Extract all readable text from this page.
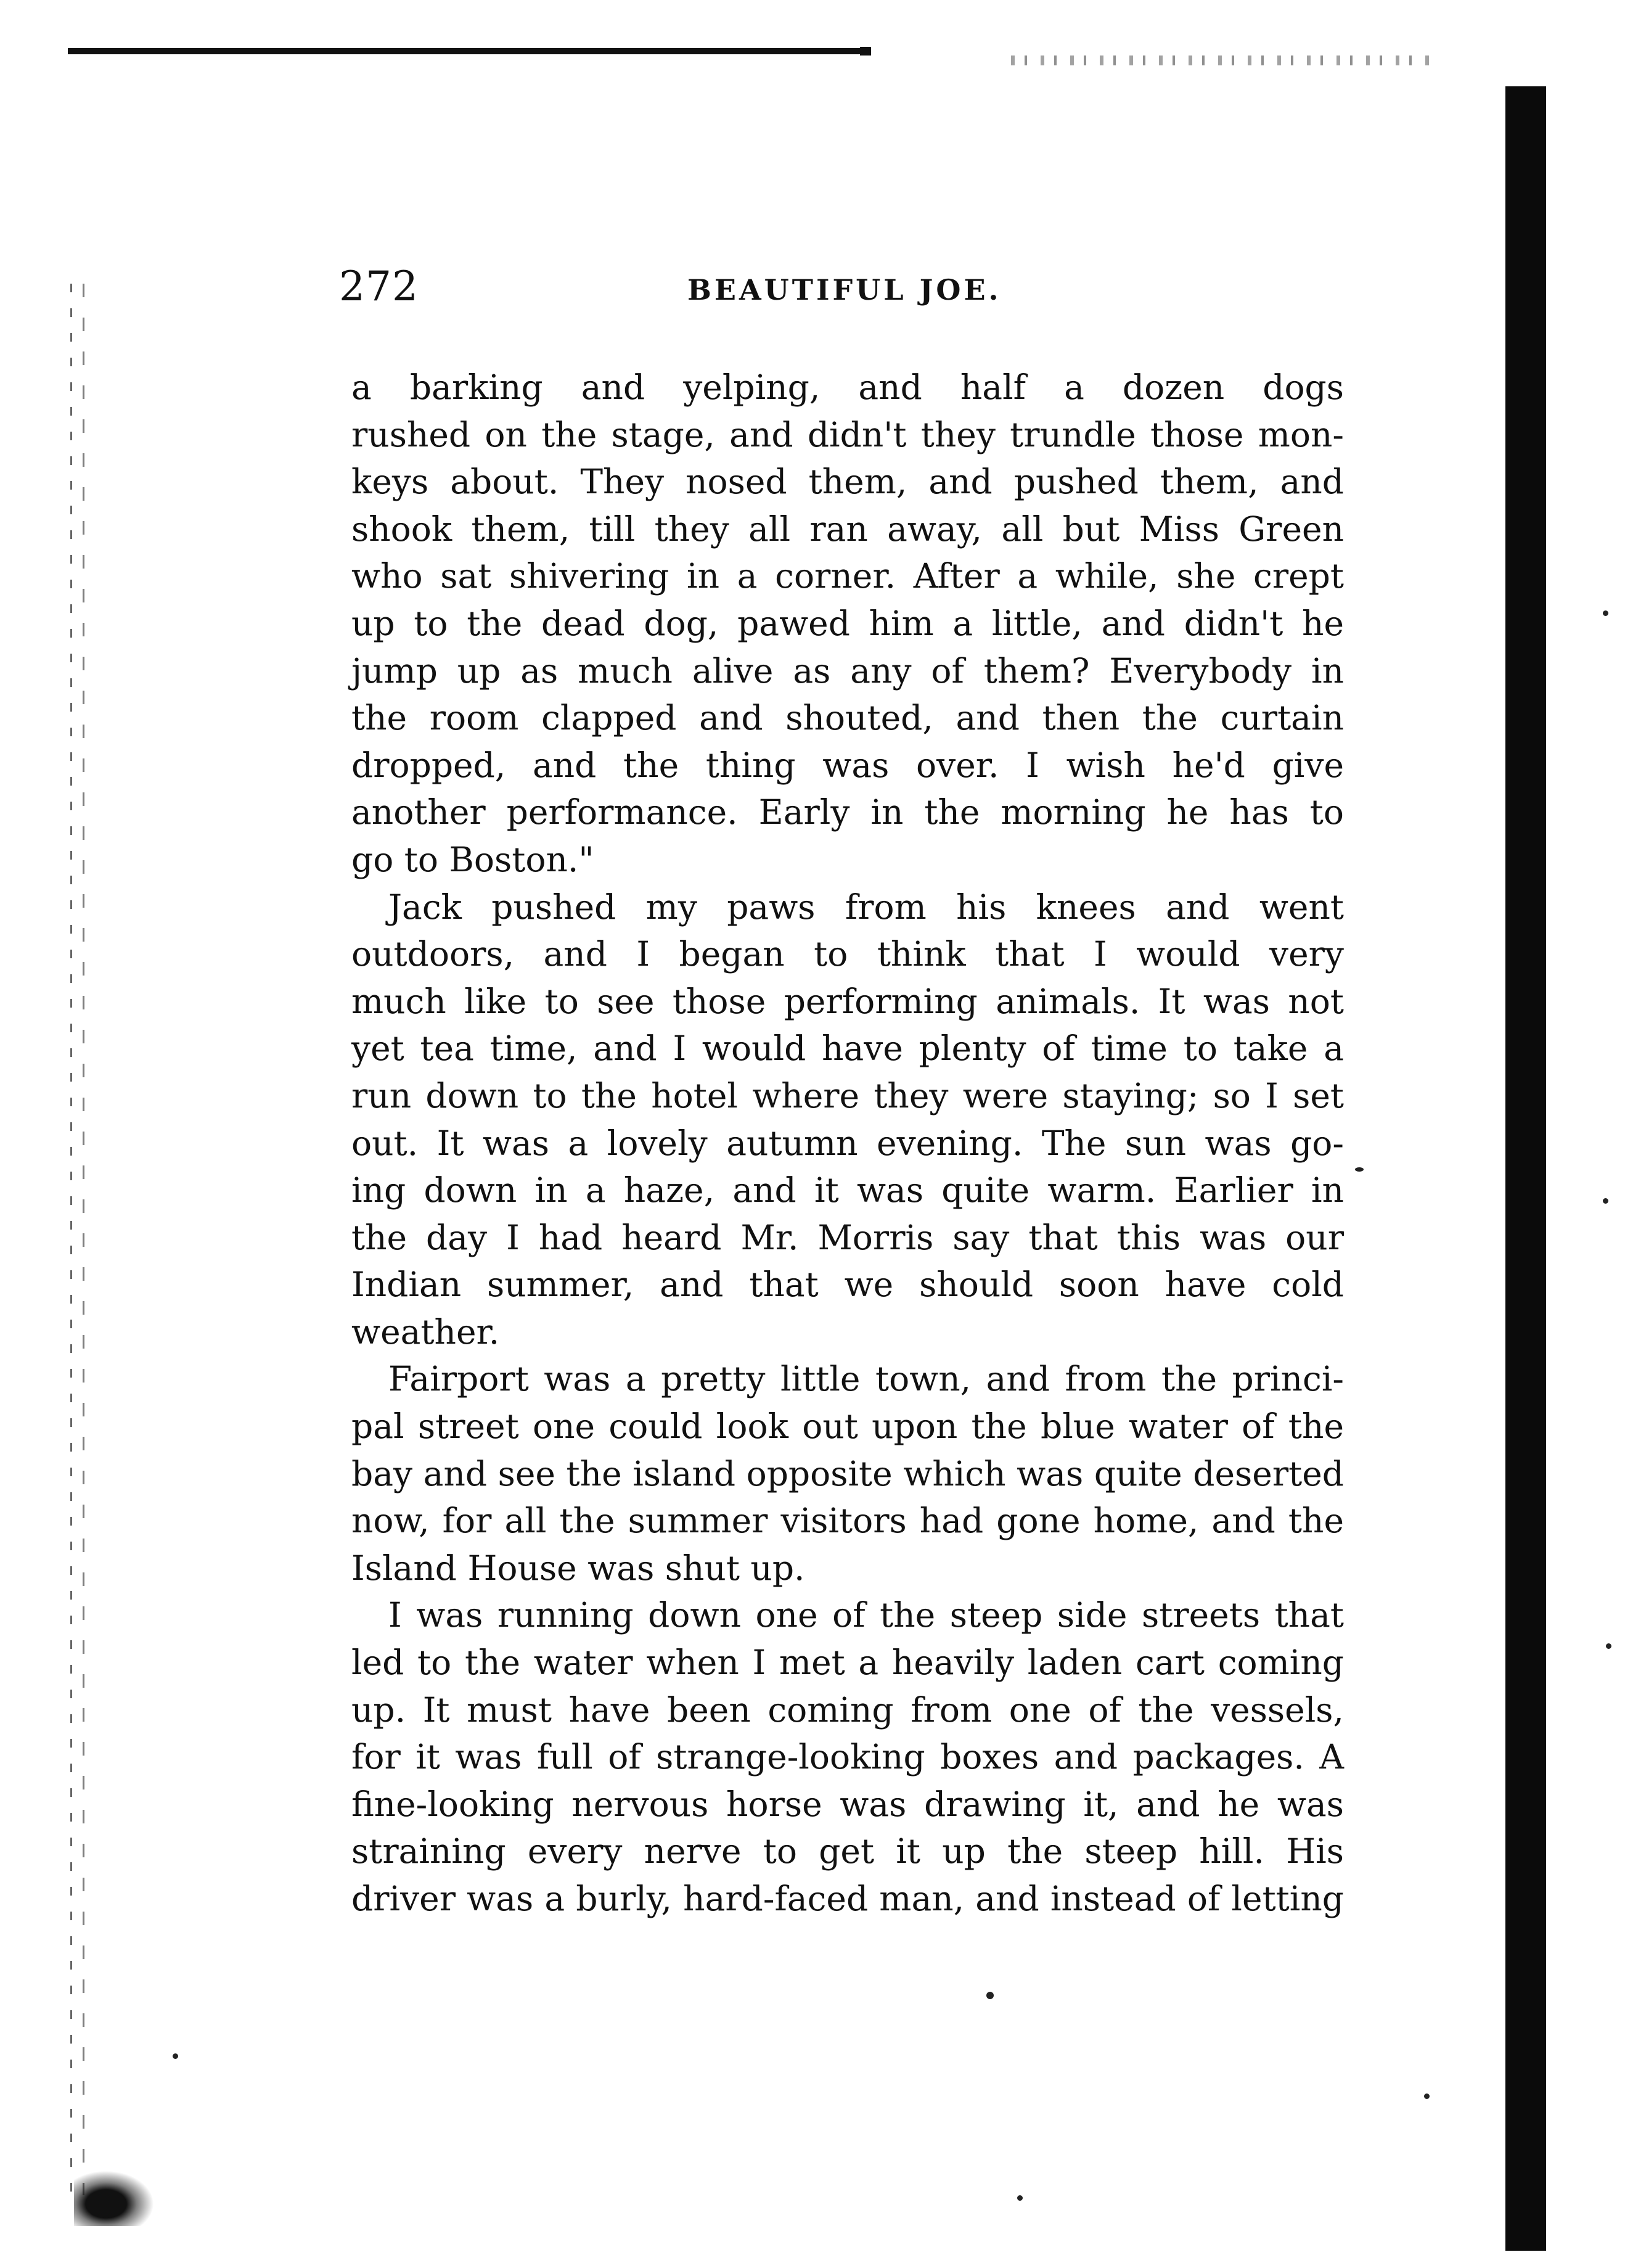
272	BEAUTIFUL JOE.
a barking and yelping, and half a dozen dogs
rushed on the stage, and didn't they trundle those mon-
keys about. They nosed them, and pushed them, and
shook them, till they all ran away, all but Miss Green
who sat shivering in a corner. After a while, she crept
up to the dead dog, pawed him a little, and didn't he
jump up as much alive as any of them? Everybody in
the room clapped and shouted, and then the curtain
dropped, and the thing was over. I wish he'd give
another performance. Early in the morning he has to
go to Boston."
Jack pushed my paws from his knees and went
outdoors, and I began to think that I would very
much like to see those performing animals. It was not
yet tea time, and I would have plenty of time to take a
run down to the hotel where they were staying; so I set
out. It was a lovely autumn evening. The sun was go-
ing down in a haze, and it was quite warm. Earlier in
the day I had heard Mr. Morris say that this was our
Indian summer, and that we should soon have cold
weather.
Fairport was a pretty little town, and from the princi-
pal street one could look out upon the blue water of the
bay and see the island opposite which was quite deserted
now, for all the summer visitors had gone home, and the
Island House was shut up.
I was running down one of the steep side streets that
led to the water when I met a heavily laden cart coming
up. It must have been coming from one of the vessels,
for it was full of strange-looking boxes and packages. A
fine-looking nervous horse was drawing it, and he was
straining every nerve to get it up the steep hill. His
driver was a burly, hard-faced man, and instead of letting
